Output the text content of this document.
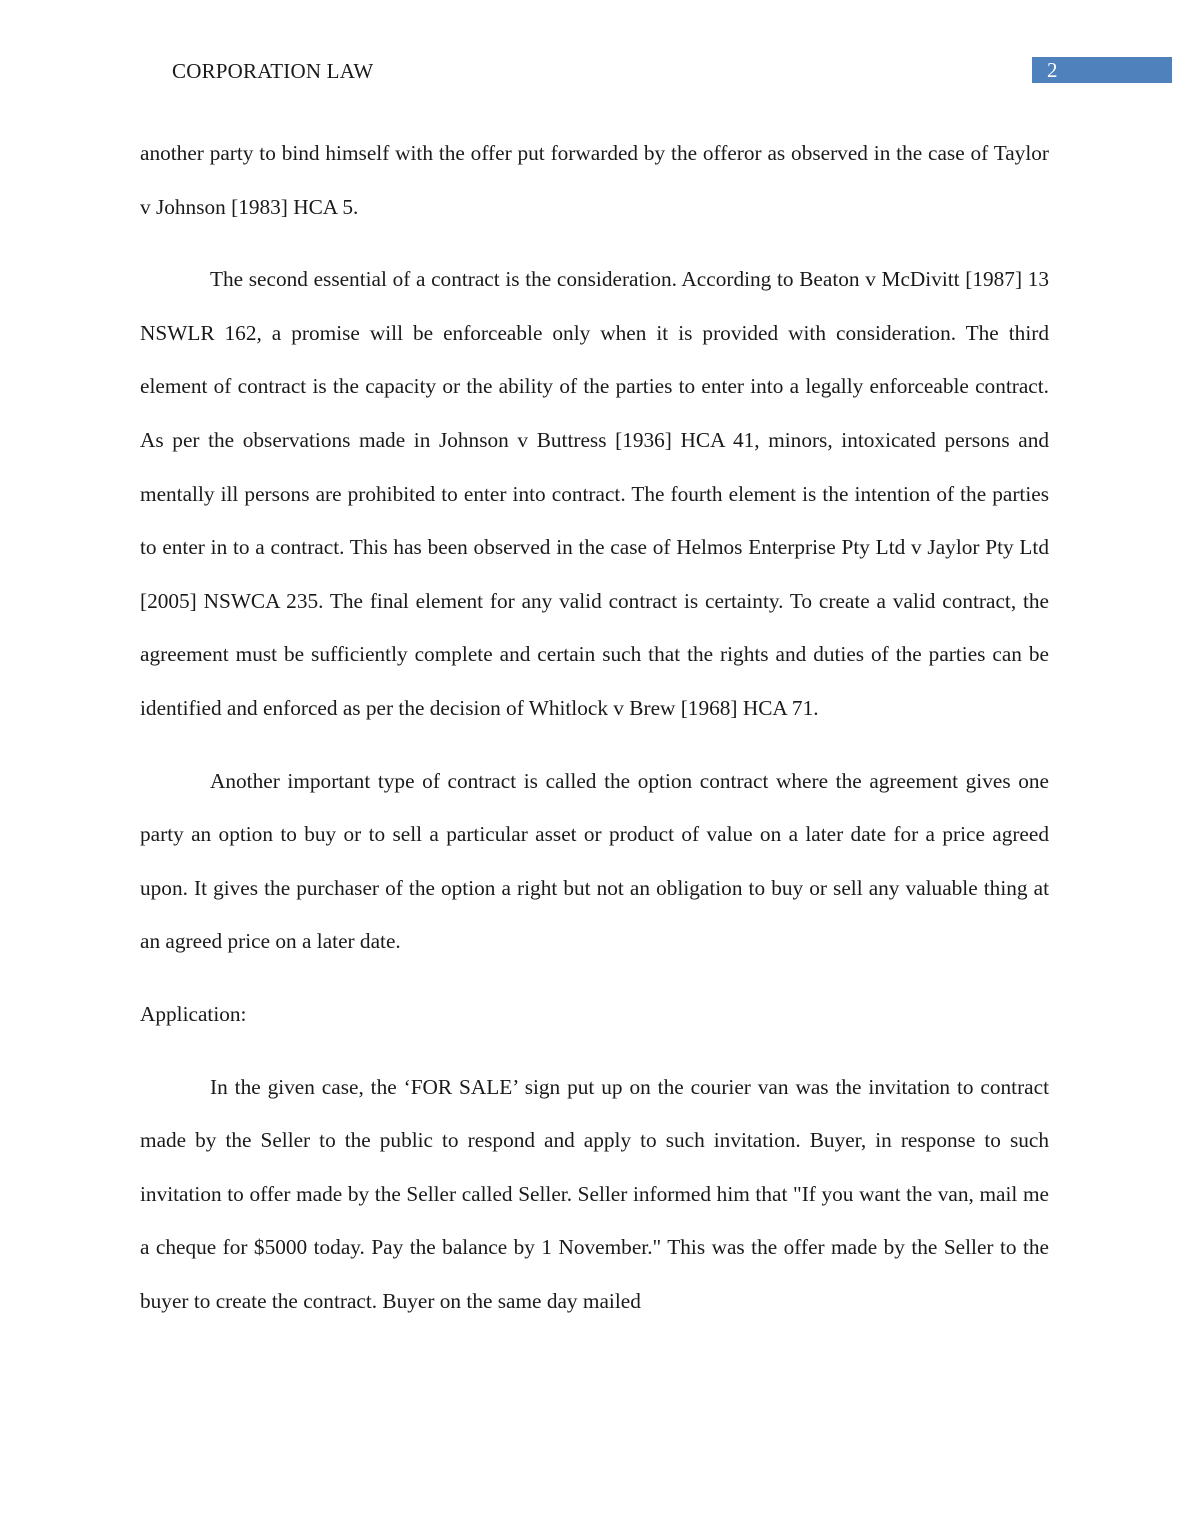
CORPORATION LAW	2

another party to bind himself with the offer put forwarded by the offeror as observed in the case of Taylor v Johnson [1983] HCA 5.

The second essential of a contract is the consideration. According to Beaton v McDivitt [1987] 13 NSWLR 162, a promise will be enforceable only when it is provided with consideration. The third element of contract is the capacity or the ability of the parties to enter into a legally enforceable contract. As per the observations made in Johnson v Buttress [1936] HCA 41, minors, intoxicated persons and mentally ill persons are prohibited to enter into contract. The fourth element is the intention of the parties to enter in to a contract. This has been observed in the case of Helmos Enterprise Pty Ltd v Jaylor Pty Ltd [2005] NSWCA 235. The final element for any valid contract is certainty. To create a valid contract, the agreement must be sufficiently complete and certain such that the rights and duties of the parties can be identified and enforced as per the decision of Whitlock v Brew [1968] HCA 71.

Another important type of contract is called the option contract where the agreement gives one party an option to buy or to sell a particular asset or product of value on a later date for a price agreed upon. It gives the purchaser of the option a right but not an obligation to buy or sell any valuable thing at an agreed price on a later date.

Application:

In the given case, the ‘FOR SALE’ sign put up on the courier van was the invitation to contract made by the Seller to the public to respond and apply to such invitation. Buyer, in response to such invitation to offer made by the Seller called Seller. Seller informed him that "If you want the van, mail me a cheque for $5000 today. Pay the balance by 1 November." This was the offer made by the Seller to the buyer to create the contract. Buyer on the same day mailed
